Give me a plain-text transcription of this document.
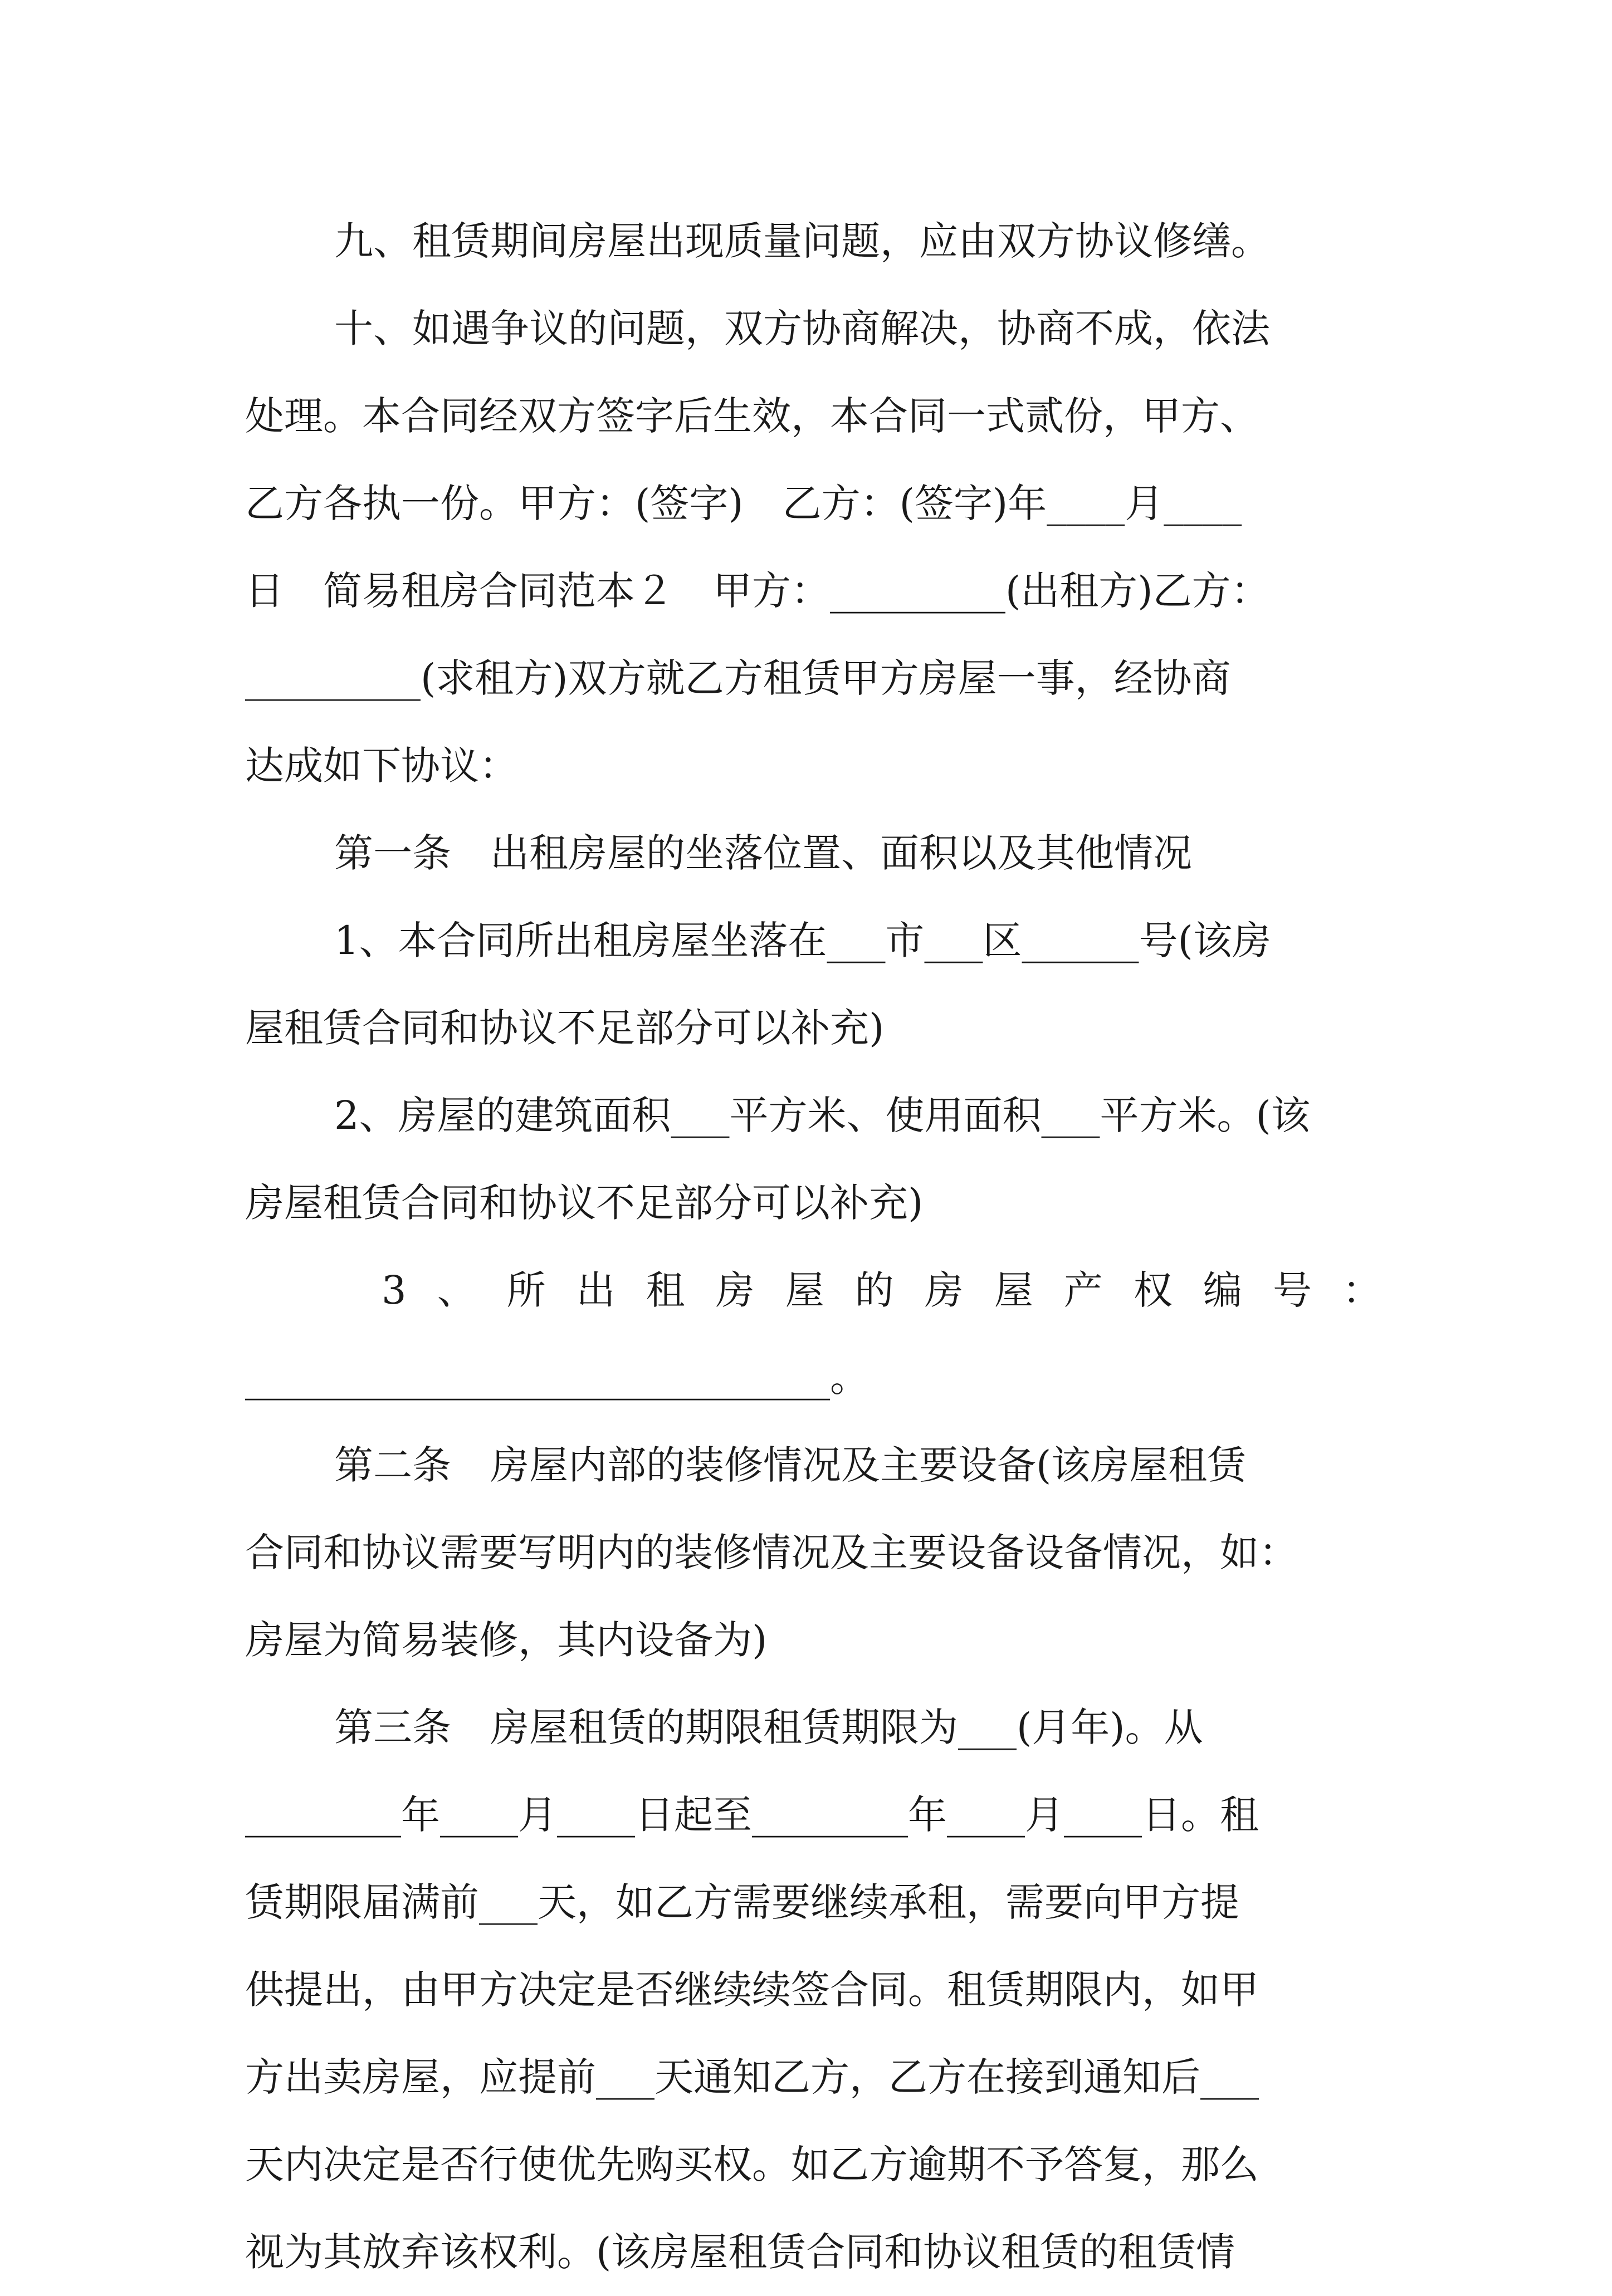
九、租赁期间房屋出现质量问题，应由双方协议修缮。
十、如遇争议的问题，双方协商解决，协商不成，依法
处理。本合同经双方签字后生效，本合同一式贰份，甲方、
乙方各执一份。甲方：(签字)　乙方：(签字)年____月____
日　简易租房合同范本２　甲方：_________(出租方)乙方：
_________(求租方)双方就乙方租赁甲方房屋一事，经协商
达成如下协议：
第一条　出租房屋的坐落位置、面积以及其他情况
1、本合同所出租房屋坐落在___市___区______号(该房
屋租赁合同和协议不足部分可以补充)
2、房屋的建筑面积___平方米、使用面积___平方米。(该
房屋租赁合同和协议不足部分可以补充)
3 、 所 出 租 房 屋 的 房 屋 产 权 编 号 ：
______________________________。
第二条　房屋内部的装修情况及主要设备(该房屋租赁
合同和协议需要写明内的装修情况及主要设备设备情况，如：
房屋为简易装修，其内设备为)
第三条　房屋租赁的期限租赁期限为___(月年)。从
________年____月____日起至________年____月____日。租
赁期限届满前___天，如乙方需要继续承租，需要向甲方提
供提出，由甲方决定是否继续续签合同。租赁期限内，如甲
方出卖房屋，应提前___天通知乙方，乙方在接到通知后___
天内决定是否行使优先购买权。如乙方逾期不予答复，那么
视为其放弃该权利。(该房屋租赁合同和协议租赁的租赁情
